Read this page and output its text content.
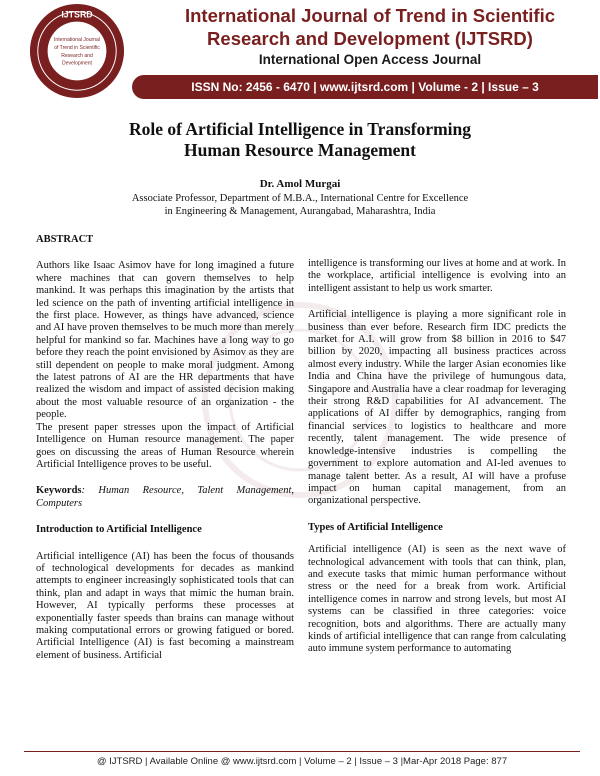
IJTSRD
International Journal
of Trend in Scientific
Research and
Development
International Journal of Trend in Scientific
Research and Development (IJTSRD)
International Open Access Journal
ISSN No: 2456 - 6470 | www.ijtsrd.com | Volume - 2 | Issue – 3
Role of Artificial Intelligence in Transforming
Human Resource Management
Dr. Amol Murgai
Associate Professor, Department of M.B.A., International Centre for Excellence
in Engineering & Management, Aurangabad, Maharashtra, India

ABSTRACT

Authors like Isaac Asimov have for long imagined a future where machines that can govern themselves to help mankind. It was perhaps this imagination by the artists that led science on the path of inventing artificial intelligence in the first place. However, as things have advanced, science and AI have proven themselves to be much more than merely helpful for mankind so far. Machines have a long way to go before they reach the point envisioned by Asimov as they are still dependent on people to make moral judgment. Among the latest patrons of AI are the HR departments that have realized the wisdom and impact of assisted decision making about the most valuable resource of an organization - the people.

The present paper stresses upon the impact of Artificial Intelligence on Human resource management. The paper goes on discussing the areas of Human Resource wherein Artificial Intelligence proves to be useful.

Keywords: Human Resource, Talent Management, Computers

Introduction to Artificial Intelligence

Artificial intelligence (AI) has been the focus of thousands of technological developments for decades as mankind attempts to engineer increasingly sophisticated tools that can think, plan and adapt in ways that mimic the human brain. However, AI typically performs these processes at exponentially faster speeds than brains can manage without making computational errors or growing fatigued or bored. Artificial Intelligence (AI) is fast becoming a mainstream element of business. Artificial

intelligence is transforming our lives at home and at work. In the workplace, artificial intelligence is evolving into an intelligent assistant to help us work smarter.

Artificial intelligence is playing a more significant role in business than ever before. Research firm IDC predicts the market for A.I. will grow from $8 billion in 2016 to $47 billion by 2020, impacting all business practices across almost every industry. While the larger Asian economies like India and China have the privilege of humungous data, Singapore and Australia have a clear roadmap for leveraging their strong R&D capabilities for AI advancement. The applications of AI differ by demographics, ranging from financial services to logistics to healthcare and more recently, talent management. The wide presence of knowledge-intensive industries is compelling the government to explore automation and AI-led avenues to manage talent better. As a result, AI will have a profuse impact on human capital management, from an organizational perspective.

Types of Artificial Intelligence

Artificial intelligence (AI) is seen as the next wave of technological advancement with tools that can think, plan, and execute tasks that mimic human performance without stress or the need for a break from work. Artificial intelligence comes in narrow and strong levels, but most AI systems can be classified in three categories: voice recognition, bots and algorithms. There are actually many kinds of artificial intelligence that can range from calculating auto immune system performance to automating

@ IJTSRD | Available Online @ www.ijtsrd.com | Volume – 2 | Issue – 3 |Mar-Apr 2018 Page: 877
